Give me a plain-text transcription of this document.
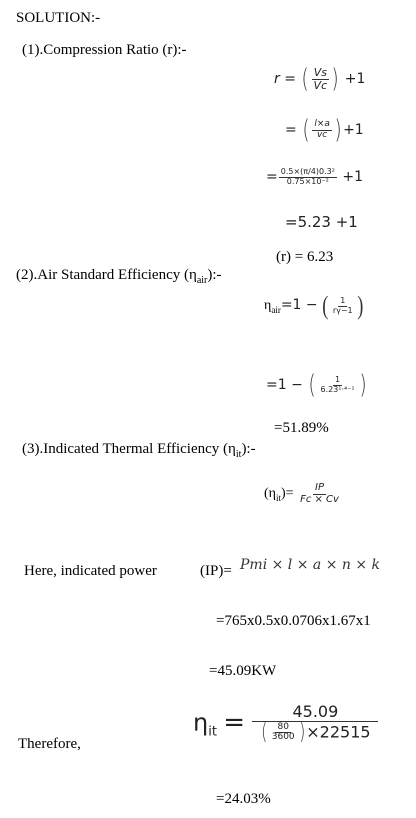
SOLUTION:-
(1).Compression Ratio (r):-
r = ( $\frac{Vs}{Vc}$ ) +1
= ( $\frac{l\times a}{vc}$ ) +1
= $\frac{\text{0.5×(π/4)0.3²}}{\text{0.75×10⁻²}} +1$
=5.23 +1
(r) = 6.23
(2).Air Standard Efficiency $(\eta_{air}):-$
$\eta_{air}=1$ − ( $\frac{1}{r\gamma-1}$ )
=1 − ( $\frac{1}{\text{6.23¹·⁴⁻¹}}$ )
=51.89%
(3).Indicated Thermal Efficiency $(\eta_{it}):-$
$(\eta_{it})= \frac{IP}{Fc \times Cv}$
Here, indicated power	(IP)= Pmi × l × a × n × k
=765x0.5x0.0706x1.67x1
=45.09KW
Therefore,
$\eta_{it} = \frac{45.09}{( \frac{80}{3600} )\times 22515}$
=24.03%
